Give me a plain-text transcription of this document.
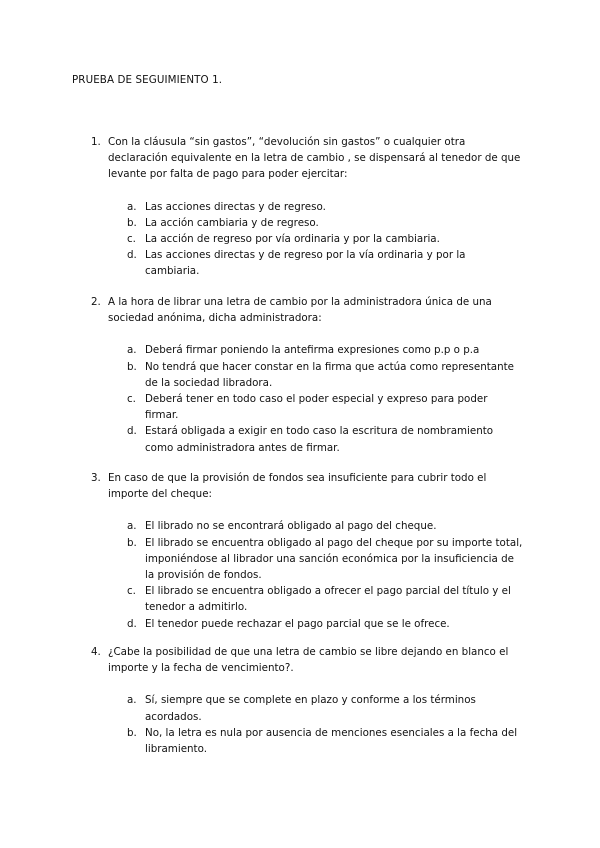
PRUEBA DE SEGUIMIENTO 1.
1. Con la cláusula “sin gastos”, “devolución sin gastos” o cualquier otra declaración equivalente en la letra de cambio , se dispensará al tenedor de que levante por falta de pago para poder ejercitar:
a. Las acciones directas y de regreso.
b. La acción cambiaria y de regreso.
c. La acción de regreso por vía ordinaria y por la cambiaria.
d. Las acciones directas y de regreso por la vía ordinaria y por la cambiaria.
2. A la hora de librar una letra de cambio por la administradora única de una sociedad anónima, dicha administradora:
a. Deberá firmar poniendo la antefirma expresiones como p.p o p.a
b. No tendrá que hacer constar en la firma que actúa como representante de la sociedad libradora.
c. Deberá tener en todo caso el poder especial y expreso para poder firmar.
d. Estará obligada a exigir en todo caso la escritura de nombramiento como administradora antes de firmar.
3. En caso de que la provisión de fondos sea insuficiente para cubrir todo el importe del cheque:
a. El librado no se encontrará obligado al pago del cheque.
b. El librado se encuentra obligado al pago del cheque por su importe total, imponiéndose al librador una sanción económica por la insuficiencia de la provisión de fondos.
c. El librado se encuentra obligado a ofrecer el pago parcial del título y el tenedor a admitirlo.
d. El tenedor puede rechazar el pago parcial que se le ofrece.
4. ¿Cabe la posibilidad de que una letra de cambio se libre dejando en blanco el importe y la fecha de vencimiento?.
a. Sí, siempre que se complete en plazo y conforme a los términos acordados.
b. No, la letra es nula por ausencia de menciones esenciales a la fecha del libramiento.
